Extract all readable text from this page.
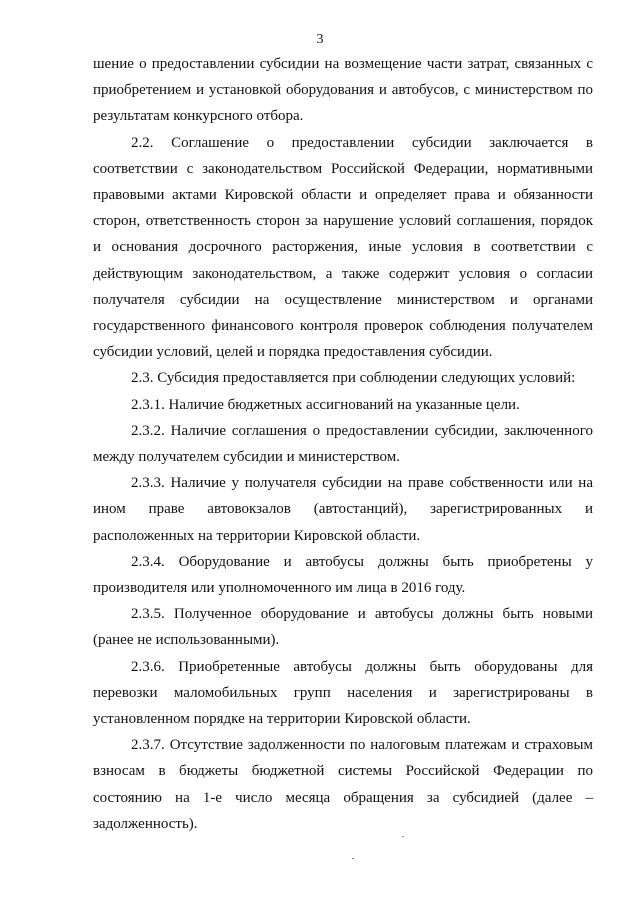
3

шение о предоставлении субсидии на возмещение части затрат, связанных с приобретением и установкой оборудования и автобусов, с министерством по результатам конкурсного отбора.

2.2. Соглашение о предоставлении субсидии заключается в соответствии с законодательством Российской Федерации, нормативными правовыми актами Кировской области и определяет права и обязанности сторон, ответственность сторон за нарушение условий соглашения, порядок и основания досрочного расторжения, иные условия в соответствии с действующим законодательством, а также содержит условия о согласии получателя субсидии на осуществление министерством и органами государственного финансового контроля проверок соблюдения получателем субсидии условий, целей и порядка предоставления субсидии.

2.3. Субсидия предоставляется при соблюдении следующих условий:

2.3.1. Наличие бюджетных ассигнований на указанные цели.

2.3.2. Наличие соглашения о предоставлении субсидии, заключенного между получателем субсидии и министерством.

2.3.3. Наличие у получателя субсидии на праве собственности или на ином праве автовокзалов (автостанций), зарегистрированных и расположенных на территории Кировской области.

2.3.4. Оборудование и автобусы должны быть приобретены у производителя или уполномоченного им лица в 2016 году.

2.3.5. Полученное оборудование и автобусы должны быть новыми (ранее не использованными).

2.3.6. Приобретенные автобусы должны быть оборудованы для перевозки маломобильных групп населения и зарегистрированы в установленном порядке на территории Кировской области.

2.3.7. Отсутствие задолженности по налоговым платежам и страховым взносам в бюджеты бюджетной системы Российской Федерации по состоянию на 1-е число месяца обращения за субсидией (далее – задолженность).
